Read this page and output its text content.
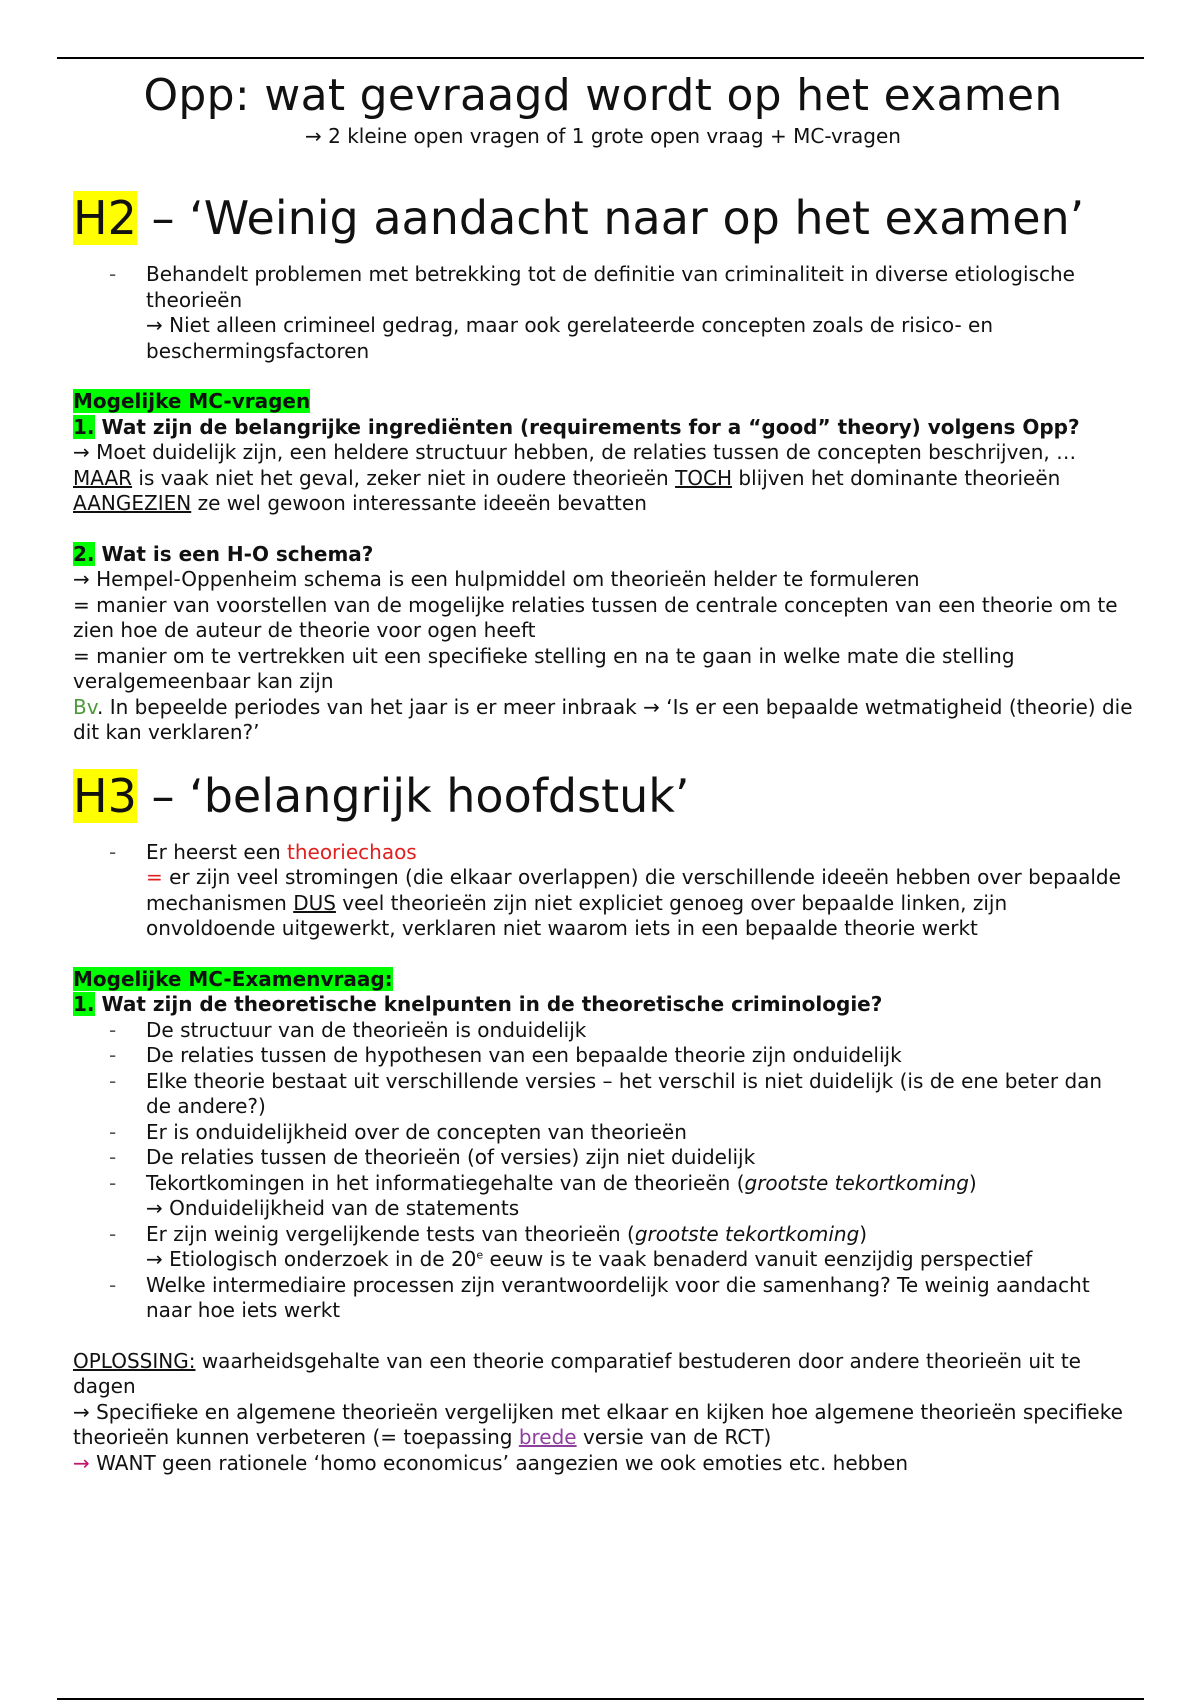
Opp: wat gevraagd wordt op het examen

→ 2 kleine open vragen of 1 grote open vraag + MC-vragen

H2 – ‘Weinig aandacht naar op het examen’
- Behandelt problemen met betrekking tot de definitie van criminaliteit in diverse etiologische theorieën
→ Niet alleen crimineel gedrag, maar ook gerelateerde concepten zoals de risico- en beschermingsfactoren

Mogelijke MC-vragen

1. Wat zijn de belangrijke ingrediënten (requirements for a “good” theory) volgens Opp?

→ Moet duidelijk zijn, een heldere structuur hebben, de relaties tussen de concepten beschrijven, …

MAAR is vaak niet het geval, zeker niet in oudere theorieën TOCH blijven het dominante theorieën AANGEZIEN ze wel gewoon interessante ideeën bevatten

2. Wat is een H-O schema?

→ Hempel-Oppenheim schema is een hulpmiddel om theorieën helder te formuleren

= manier van voorstellen van de mogelijke relaties tussen de centrale concepten van een theorie om te zien hoe de auteur de theorie voor ogen heeft

= manier om te vertrekken uit een specifieke stelling en na te gaan in welke mate die stelling veralgemeenbaar kan zijn

Bv. In bepeelde periodes van het jaar is er meer inbraak → ‘Is er een bepaalde wetmatigheid (theorie) die dit kan verklaren?’

H3 – ‘belangrijk hoofdstuk’
- Er heerst een theoriechaos
= er zijn veel stromingen (die elkaar overlappen) die verschillende ideeën hebben over bepaalde mechanismen DUS veel theorieën zijn niet expliciet genoeg over bepaalde linken, zijn onvoldoende uitgewerkt, verklaren niet waarom iets in een bepaalde theorie werkt

Mogelijke MC-Examenvraag:

1. Wat zijn de theoretische knelpunten in de theoretische criminologie?

- De structuur van de theorieën is onduidelijk
- De relaties tussen de hypothesen van een bepaalde theorie zijn onduidelijk
- Elke theorie bestaat uit verschillende versies – het verschil is niet duidelijk (is de ene beter dan de andere?)
- Er is onduidelijkheid over de concepten van theorieën
- De relaties tussen de theorieën (of versies) zijn niet duidelijk
- Tekortkomingen in het informatiegehalte van de theorieën (grootste tekortkoming)
→ Onduidelijkheid van de statements
- Er zijn weinig vergelijkende tests van theorieën (grootste tekortkoming)
→ Etiologisch onderzoek in de 20e eeuw is te vaak benaderd vanuit eenzijdig perspectief
- Welke intermediaire processen zijn verantwoordelijk voor die samenhang? Te weinig aandacht naar hoe iets werkt

OPLOSSING: waarheidsgehalte van een theorie comparatief bestuderen door andere theorieën uit te dagen

→ Specifieke en algemene theorieën vergelijken met elkaar en kijken hoe algemene theorieën specifieke theorieën kunnen verbeteren (= toepassing brede versie van de RCT)

→ WANT geen rationele ‘homo economicus’ aangezien we ook emoties etc. hebben
